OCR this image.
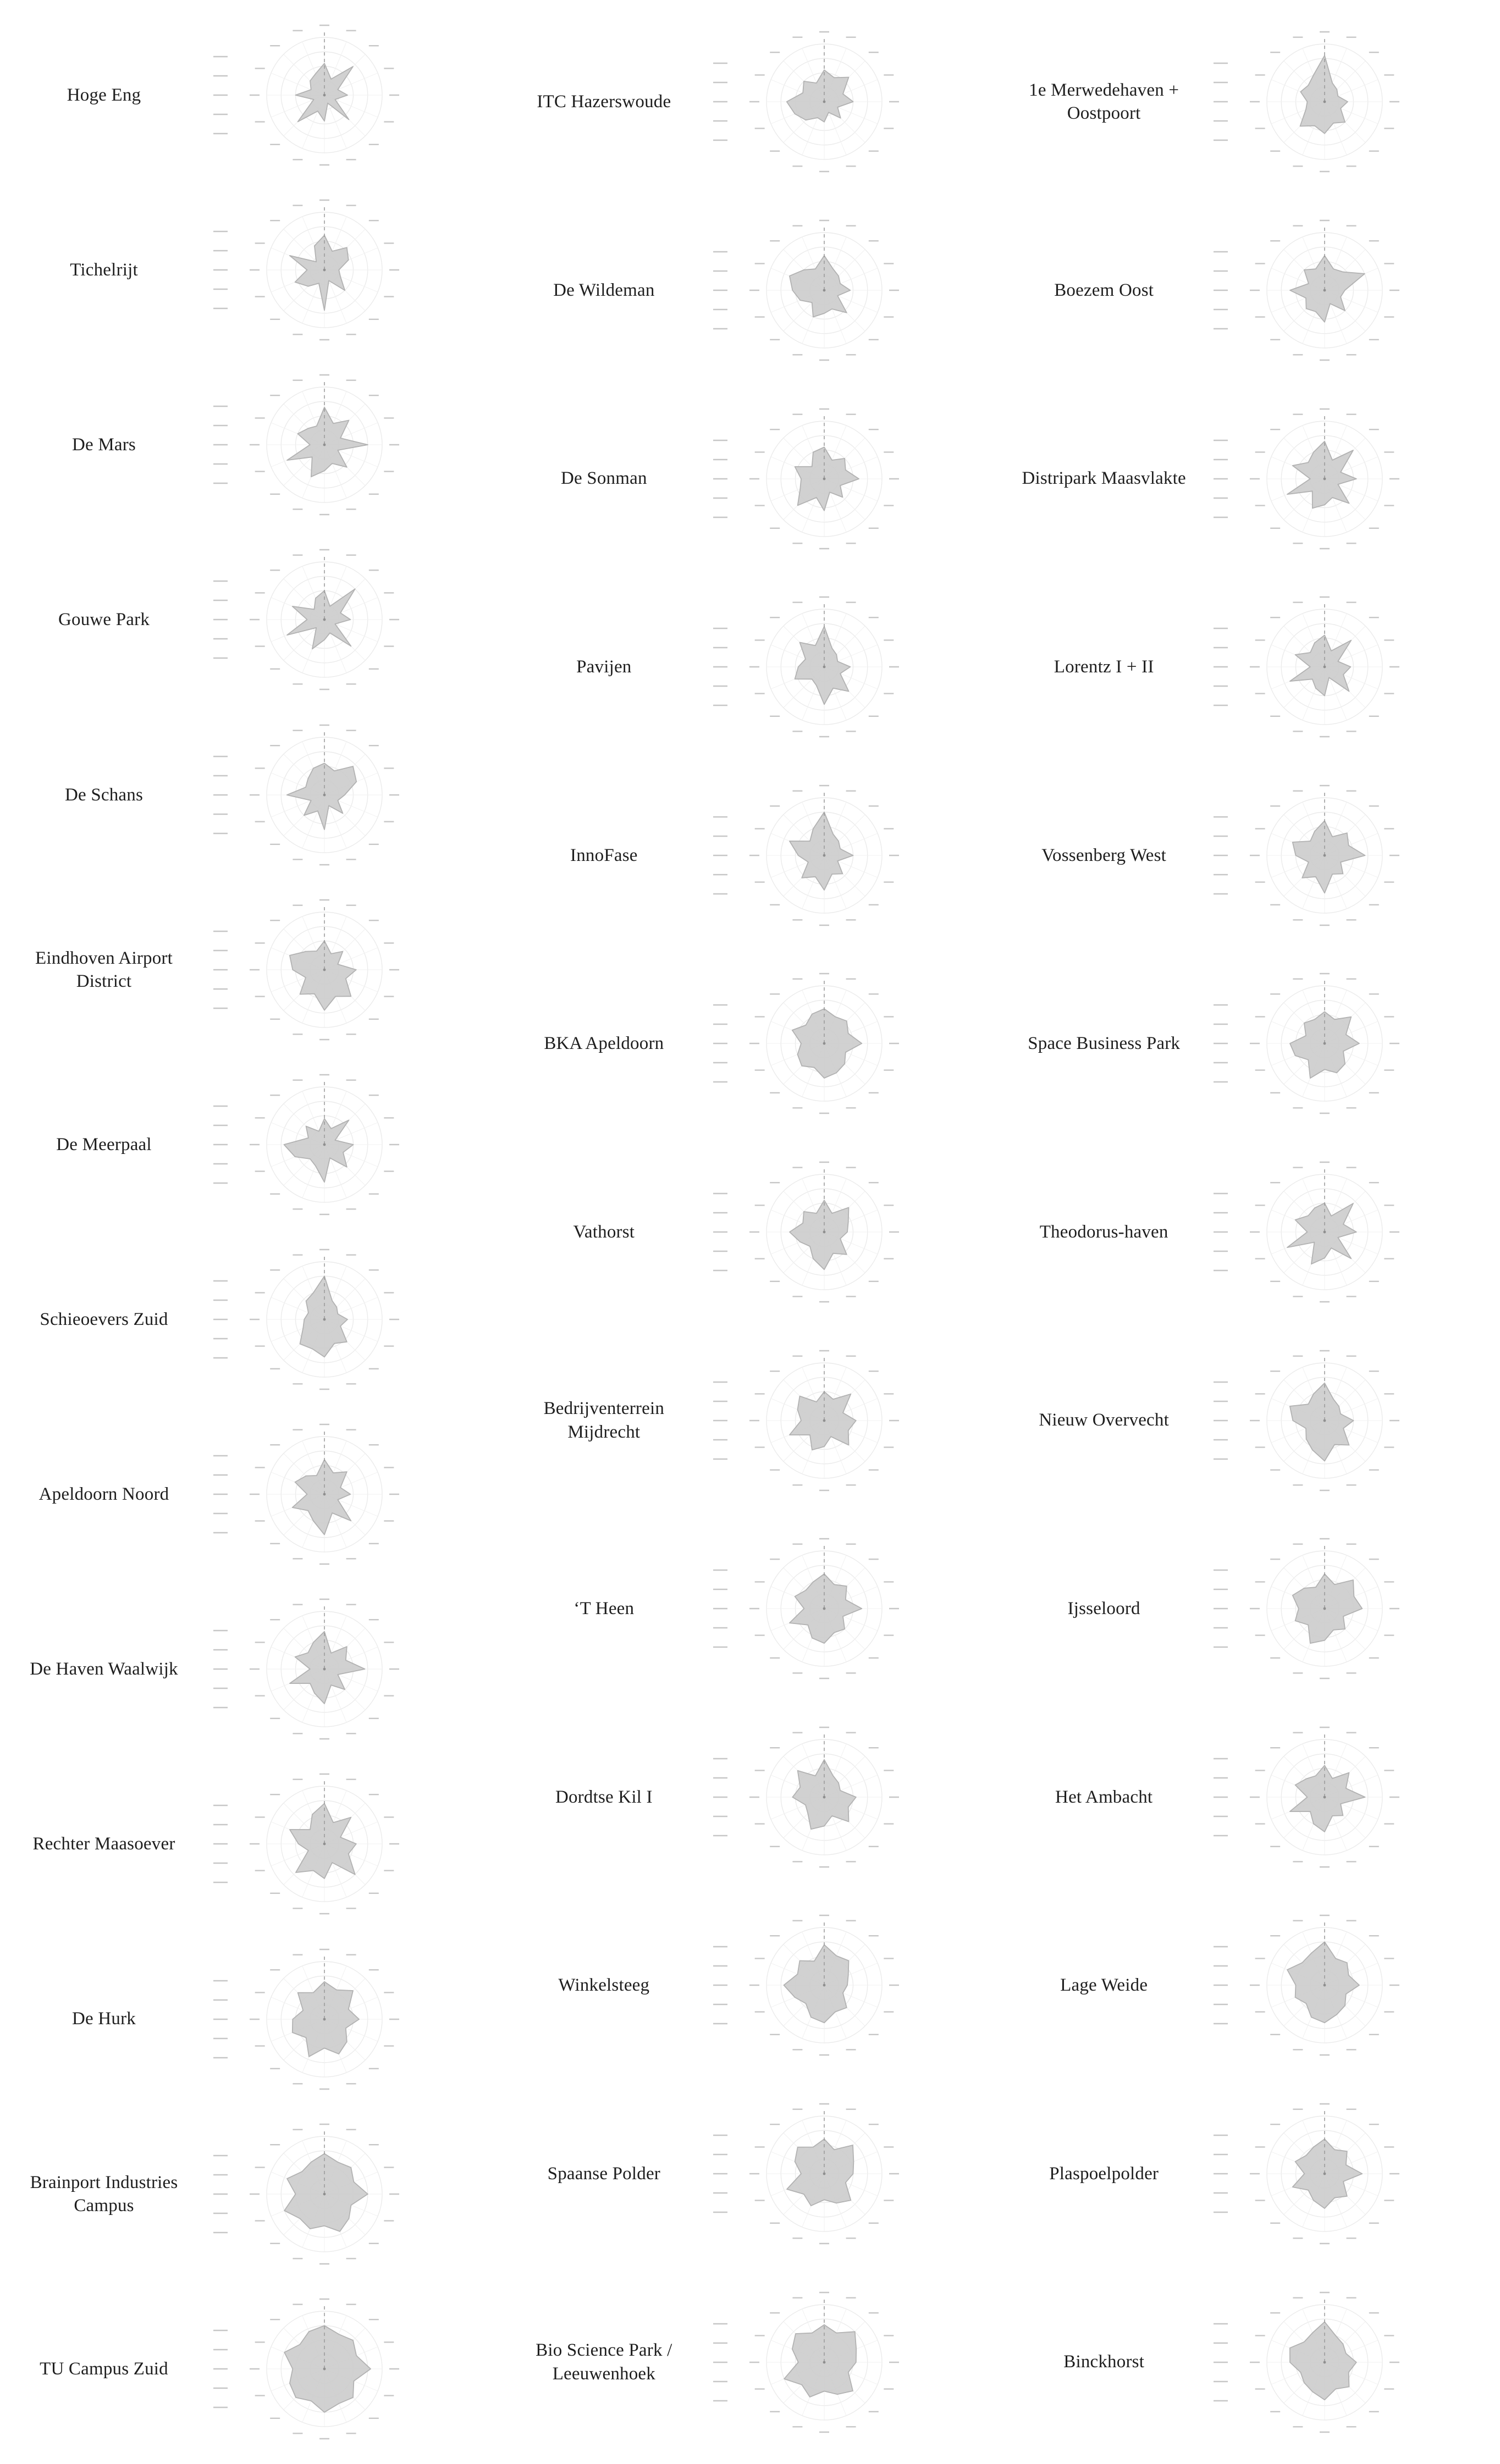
Hoge Eng
Tichelrijt
De Mars
Gouwe Park
De Schans
Eindhoven Airport District
De Meerpaal
Schieoevers Zuid
Apeldoorn Noord
De Haven Waalwijk
Rechter Maasoever
De Hurk
Brainport Industries Campus
TU Campus Zuid
ITC Hazerswoude
De Wildeman
De Sonman
Pavijen
InnoFase
BKA Apeldoorn
Vathorst
Bedrijventerrein Mijdrecht
‘T Heen
Dordtse Kil I
Winkelsteeg
Spaanse Polder
Bio Science Park / Leeuwenhoek
1e Merwedehaven + Oostpoort
Boezem Oost
Distripark Maasvlakte
Lorentz I + II
Vossenberg West
Space Business Park
Theodorus-haven
Nieuw Overvecht
Ijsseloord
Het Ambacht
Lage Weide
Plaspoelpolder
Binckhorst
